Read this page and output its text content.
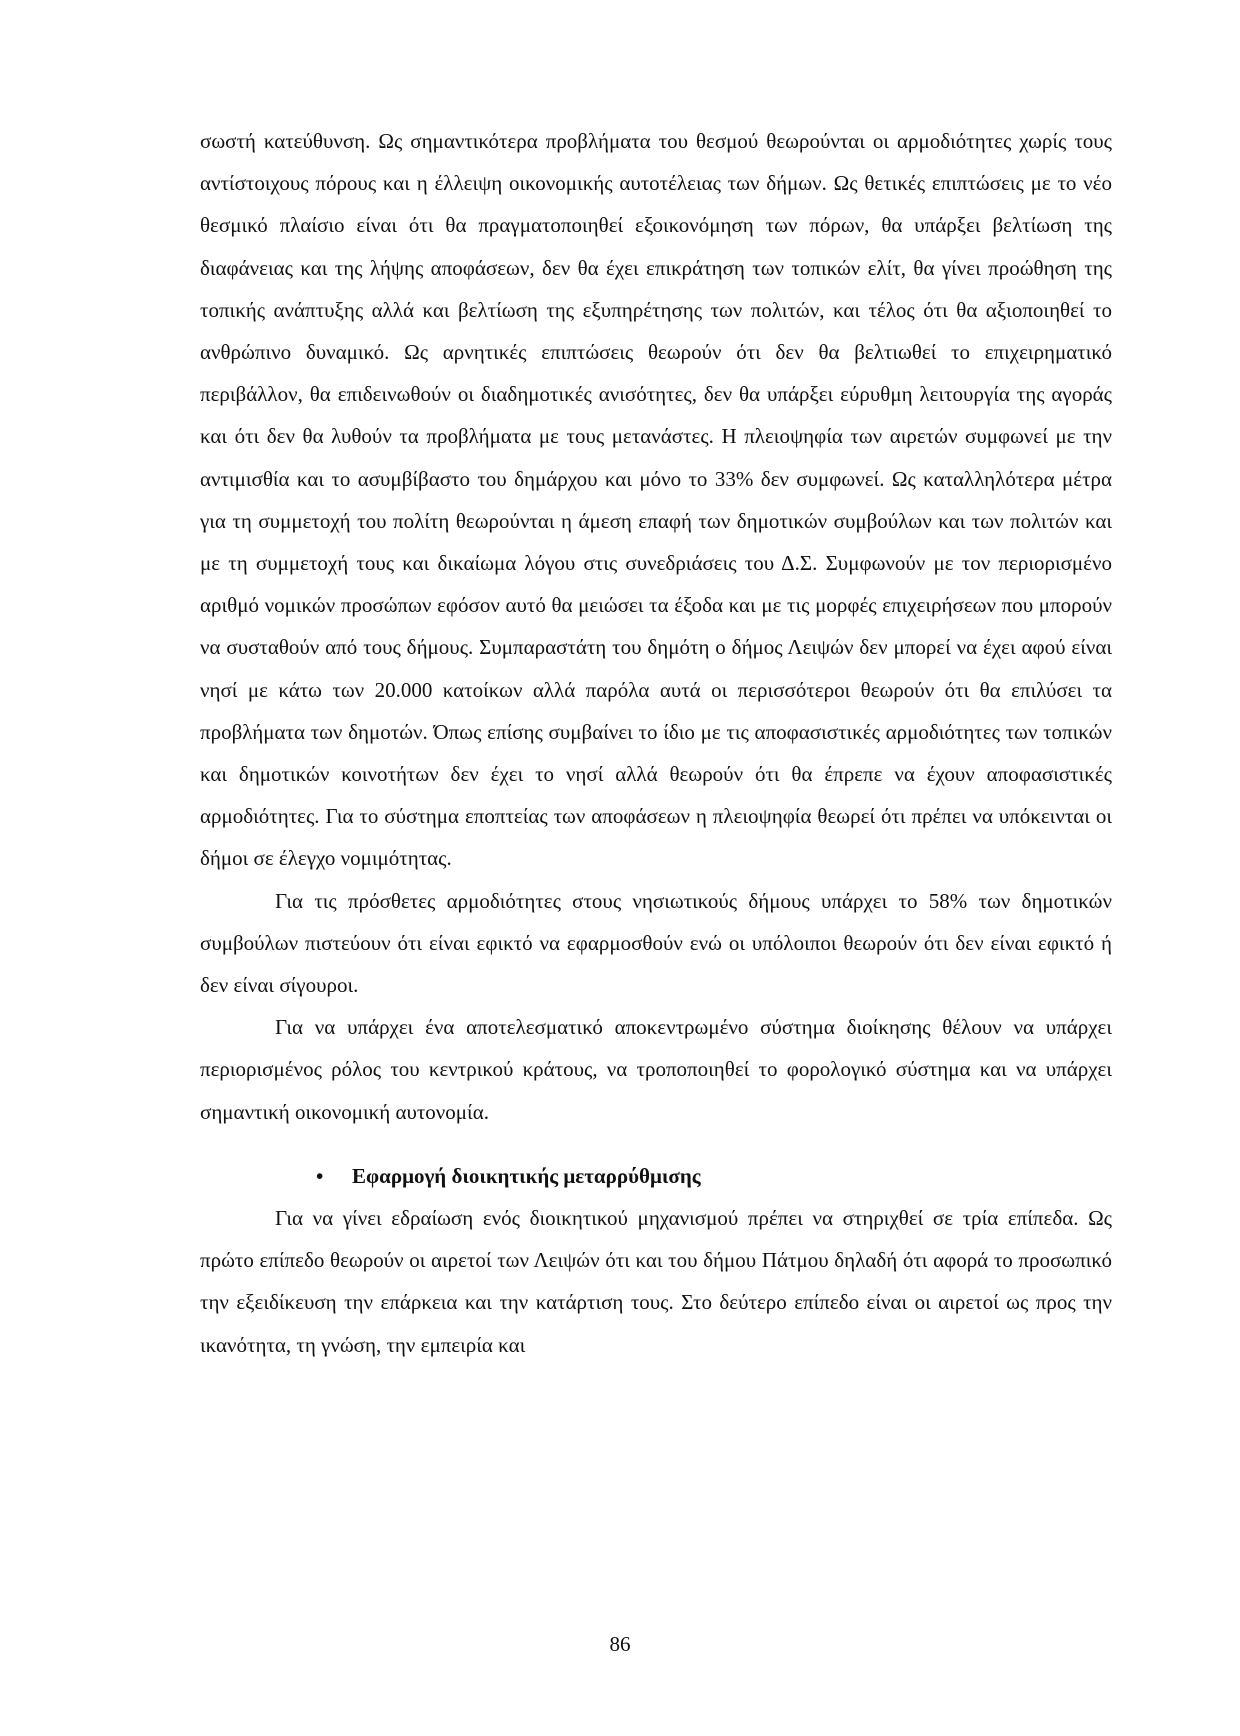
σωστή κατεύθυνση. Ως σημαντικότερα προβλήματα του θεσμού θεωρούνται οι αρμοδιότητες χωρίς τους αντίστοιχους πόρους και η έλλειψη οικονομικής αυτοτέλειας των δήμων. Ως θετικές επιπτώσεις με το νέο θεσμικό πλαίσιο είναι ότι θα πραγματοποιηθεί εξοικονόμηση των πόρων, θα υπάρξει βελτίωση της διαφάνειας και της λήψης αποφάσεων, δεν θα έχει επικράτηση των τοπικών ελίτ, θα γίνει προώθηση της τοπικής ανάπτυξης αλλά και βελτίωση της εξυπηρέτησης των πολιτών, και τέλος ότι θα αξιοποιηθεί το ανθρώπινο δυναμικό. Ως αρνητικές επιπτώσεις θεωρούν ότι δεν θα βελτιωθεί το επιχειρηματικό περιβάλλον, θα επιδεινωθούν οι διαδημοτικές ανισότητες, δεν θα υπάρξει εύρυθμη λειτουργία της αγοράς και ότι δεν θα λυθούν τα προβλήματα με τους μετανάστες. Η πλειοψηφία των αιρετών συμφωνεί με την αντιμισθία και το ασυμβίβαστο του δημάρχου και μόνο το 33% δεν συμφωνεί. Ως καταλληλότερα μέτρα για τη συμμετοχή του πολίτη θεωρούνται η άμεση επαφή των δημοτικών συμβούλων και των πολιτών και με τη συμμετοχή τους και δικαίωμα λόγου στις συνεδριάσεις του Δ.Σ. Συμφωνούν με τον περιορισμένο αριθμό νομικών προσώπων εφόσον αυτό θα μειώσει τα έξοδα και με τις μορφές επιχειρήσεων που μπορούν να συσταθούν από τους δήμους. Συμπαραστάτη του δημότη ο δήμος Λειψών δεν μπορεί να έχει αφού είναι νησί με κάτω των 20.000 κατοίκων αλλά παρόλα αυτά οι περισσότεροι θεωρούν ότι θα επιλύσει τα προβλήματα των δημοτών. Όπως επίσης συμβαίνει το ίδιο με τις αποφασιστικές αρμοδιότητες των τοπικών και δημοτικών κοινοτήτων δεν έχει το νησί αλλά θεωρούν ότι θα έπρεπε να έχουν αποφασιστικές αρμοδιότητες. Για το σύστημα εποπτείας των αποφάσεων η πλειοψηφία θεωρεί ότι πρέπει να υπόκεινται οι δήμοι σε έλεγχο νομιμότητας.

Για τις πρόσθετες αρμοδιότητες στους νησιωτικούς δήμους υπάρχει το 58% των δημοτικών συμβούλων πιστεύουν ότι είναι εφικτό να εφαρμοσθούν ενώ οι υπόλοιποι θεωρούν ότι δεν είναι εφικτό ή δεν είναι σίγουροι.

Για να υπάρχει ένα αποτελεσματικό αποκεντρωμένο σύστημα διοίκησης θέλουν να υπάρχει περιορισμένος ρόλος του κεντρικού κράτους, να τροποποιηθεί το φορολογικό σύστημα και να υπάρχει σημαντική οικονομική αυτονομία.

• Εφαρμογή διοικητικής μεταρρύθμισης

Για να γίνει εδραίωση ενός διοικητικού μηχανισμού πρέπει να στηριχθεί σε τρία επίπεδα. Ως πρώτο επίπεδο θεωρούν οι αιρετοί των Λειψών ότι και του δήμου Πάτμου δηλαδή ότι αφορά το προσωπικό την εξειδίκευση την επάρκεια και την κατάρτιση τους. Στο δεύτερο επίπεδο είναι οι αιρετοί ως προς την ικανότητα, τη γνώση, την εμπειρία και

86
